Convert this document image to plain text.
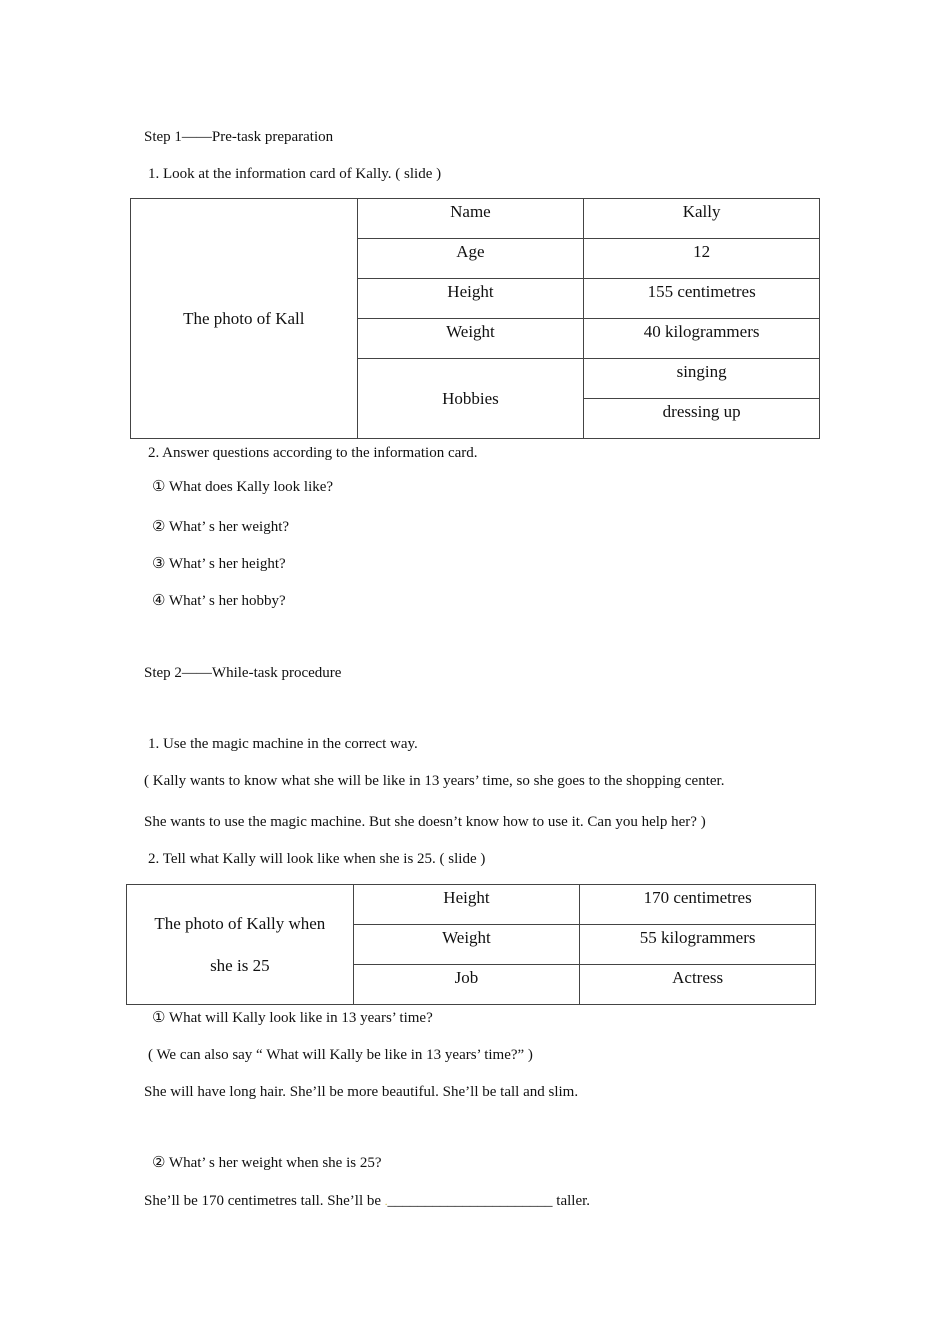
Step 1——Pre-task preparation
1. Look at the information card of Kally. ( slide )
The photo of Kall	Name	Kally

	Age	12

	Height	155 centimetres

	Weight	40 kilogrammers

	Hobbies	singing

		dressing up
2. Answer questions according to the information card.
① What does Kally look like?
② What’ s her weight?
③ What’ s her height?
④ What’ s her hobby?
Step 2——While-task procedure
1. Use the magic machine in the correct way.
( Kally wants to know what she will be like in 13 years’ time, so she goes to the shopping center.
She wants to use the magic machine. But she doesn’t know how to use it. Can you help her? )
2. Tell what Kally will look like when she is 25. ( slide )
The photo of Kally when
she is 25	Height	170 centimetres

	Weight	55 kilogrammers

	Job	Actress
① What will Kally look like in 13 years’ time?
( We can also say “ What will Kally be like in 13 years’ time?” )
She will have long hair. She’ll be more beautiful. She’ll be tall and slim.
② What’ s her weight when she is 25?
She’ll be 170 centimetres tall. She’ll be .______________________ taller.
